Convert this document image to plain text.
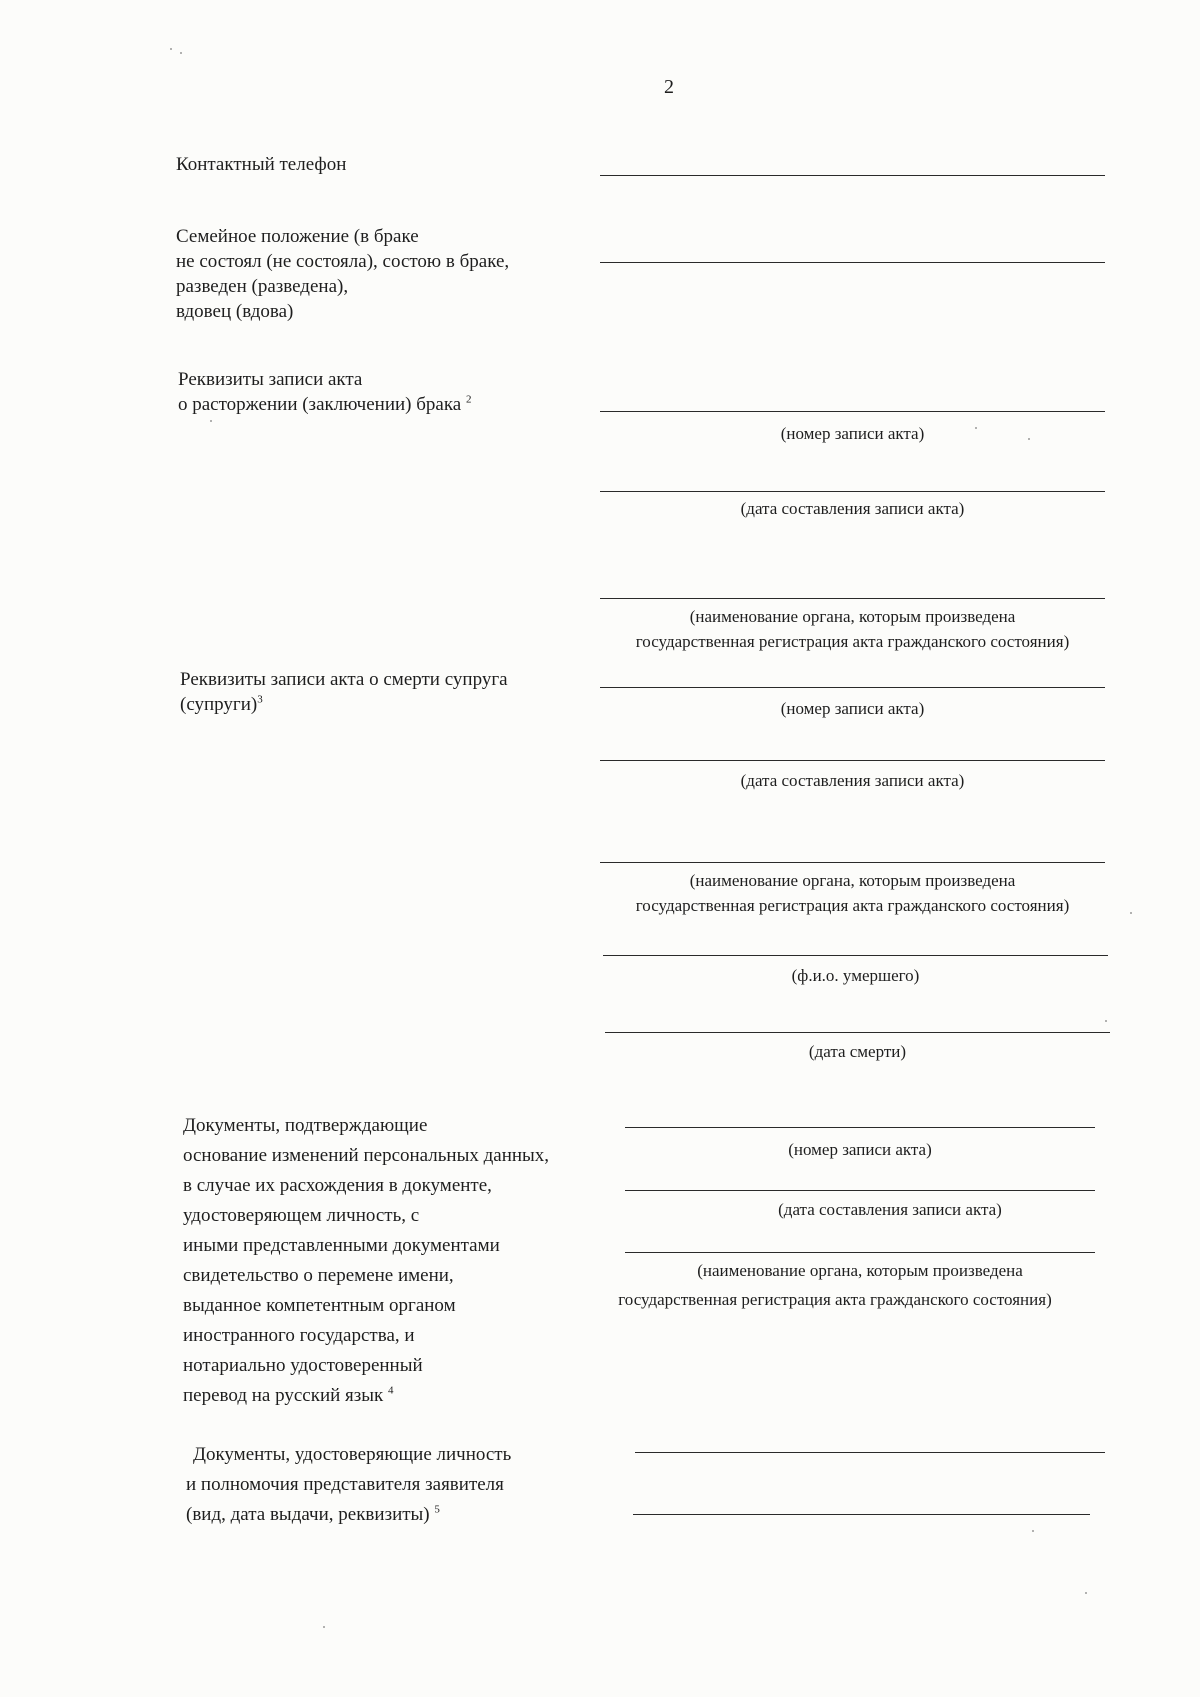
2
Контактный телефон
Семейное положение (в браке
не состоял (не состояла), состою в браке,
разведен (разведена),
вдовец (вдова)
Реквизиты записи акта
о расторжении (заключении) брака $^2$
(номер записи акта)
(дата составления записи акта)
(наименование органа, которым произведена
государственная регистрация акта гражданского состояния)
Реквизиты записи акта о смерти супруга
(супруги)$^3$	(номер записи акта)
(дата составления записи акта)
(наименование органа, которым произведена
государственная регистрация акта гражданского состояния)
(ф.и.о. умершего)
(дата смерти)
Документы, подтверждающие
основание изменений персональных данных,
в случае их расхождения в документе,
удостоверяющем личность, с
иными представленными документами
свидетельство о перемене имени,
выданное компетентным органом
иностранного государства, и
нотариально удостоверенный
перевод на русский язык $^4$
(номер записи акта)
(дата составления записи акта)
(наименование органа, которым произведена
государственная регистрация акта гражданского состояния)
Документы, удостоверяющие личность
и полномочия представителя заявителя
(вид, дата выдачи, реквизиты) $^5$
